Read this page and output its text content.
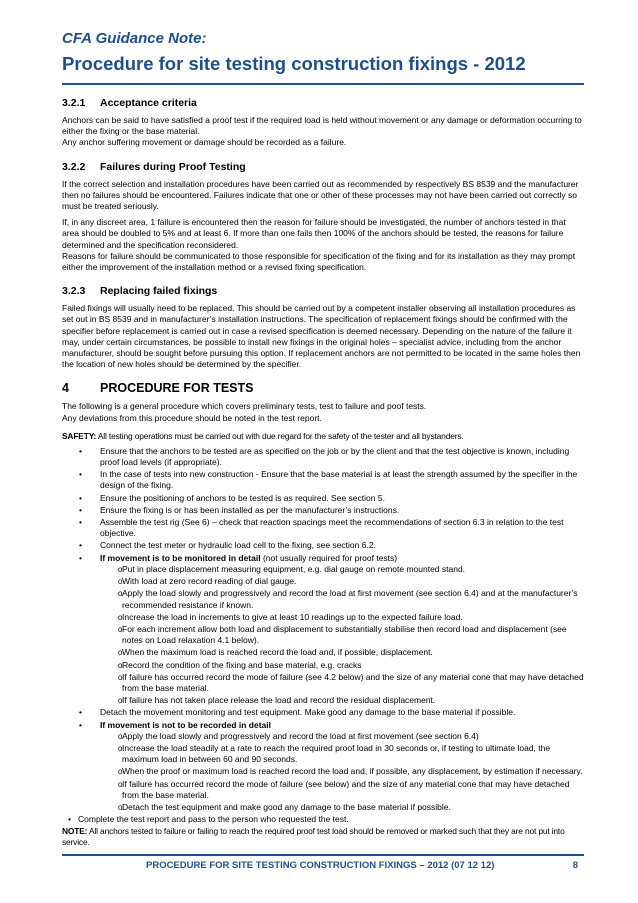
CFA Guidance Note:
Procedure for site testing construction fixings - 2012
3.2.1	Acceptance criteria
Anchors can be said to have satisfied a proof test if the required load is held without movement or any damage or deformation occurring to either the fixing or the base material.
Any anchor suffering movement or damage should be recorded as a failure.
3.2.2	Failures during Proof Testing
If the correct selection and installation procedures have been carried out as recommended by respectively BS 8539 and the manufacturer then no failures should be encountered. Failures indicate that one or other of these processes may not have been carried out correctly so must be treated seriously.
If, in any discreet area, 1 failure is encountered then the reason for failure should be investigated, the number of anchors tested in that area should be doubled to 5% and at least 6. If more than one fails then 100% of the anchors should be tested, the reasons for failure determined and the specification reconsidered.
Reasons for failure should be communicated to those responsible for specification of the fixing and for its installation as they may prompt either the improvement of the installation method or a revised fixing specification.
3.2.3	Replacing failed fixings
Failed fixings will usually need to be replaced. This should be carried out by a competent installer observing all installation procedures as set out in BS 8539 and in manufacturer’s installation instructions. The specification of replacement fixings should be confirmed with the specifier before replacement is carried out in case a revised specification is deemed necessary. Depending on the nature of the failure it may, under certain circumstances, be possible to install new fixings in the original holes – specialist advice, including from the anchor manufacturer, should be sought before pursuing this option. If replacement anchors are not permitted to be located in the same holes then the location of new holes should be determined by the specifier.
4	PROCEDURE FOR TESTS
The following is a general procedure which covers preliminary tests, test to failure and poof tests.
Any deviations from this procedure should be noted in the test report.
SAFETY: All testing operations must be carried out with due regard for the safety of the tester and all bystanders.
• Ensure that the anchors to be tested are as specified on the job or by the client and that the test objective is known, including proof load levels (if appropriate).
• In the case of tests into new construction - Ensure that the base material is at least the strength assumed by the specifier in the design of the fixing.
• Ensure the positioning of anchors to be tested is as required. See section 5.
• Ensure the fixing is or has been installed as per the manufacturer’s instructions.
• Assemble the test rig (See 6) – check that reaction spacings meet the recommendations of section 6.3 in relation to the test objective.
• Connect the test meter or hydraulic load cell to the fixing, see section 6.2.
• If movement is to be monitored in detail (not usually required for proof tests)
o Put in place displacement measuring equipment, e.g. dial gauge on remote mounted stand.
o With load at zero record reading of dial gauge.
o Apply the load slowly and progressively and record the load at first movement (see section 6.4) and at the manufacturer’s recommended resistance if known.
o Increase the load in increments to give at least 10 readings up to the expected failure load.
o For each increment allow both load and displacement to substantially stabilise then record load and displacement (see notes on Load relaxation 4.1 below).
o When the maximum load is reached record the load and, if possible, displacement.
o Record the condition of the fixing and base material, e.g. cracks
o If failure has occurred record the mode of failure (see 4.2 below) and the size of any material cone that may have detached from the base material.
o If failure has not taken place release the load and record the residual displacement.
• Detach the movement monitoring and test equipment. Make good any damage to the base material if possible.
• If movement is not to be recorded in detail
o Apply the load slowly and progressively and record the load at first movement (see section 6.4)
o Increase the load steadily at a rate to reach the required proof load in 30 seconds or, if testing to ultimate load, the maximum load in between 60 and 90 seconds.
o When the proof or maximum load is reached record the load and, if possible, any displacement, by estimation if necessary.
o If failure has occurred record the mode of failure (see below) and the size of any material cone that may have detached from the base material.
o Detach the test equipment and make good any damage to the base material if possible.
• Complete the test report and pass to the person who requested the test.
NOTE: All anchors tested to failure or failing to reach the required proof test load should be removed or marked such that they are not put into service.
PROCEDURE FOR SITE TESTING CONSTRUCTION FIXINGS – 2012 (07 12 12)	8
